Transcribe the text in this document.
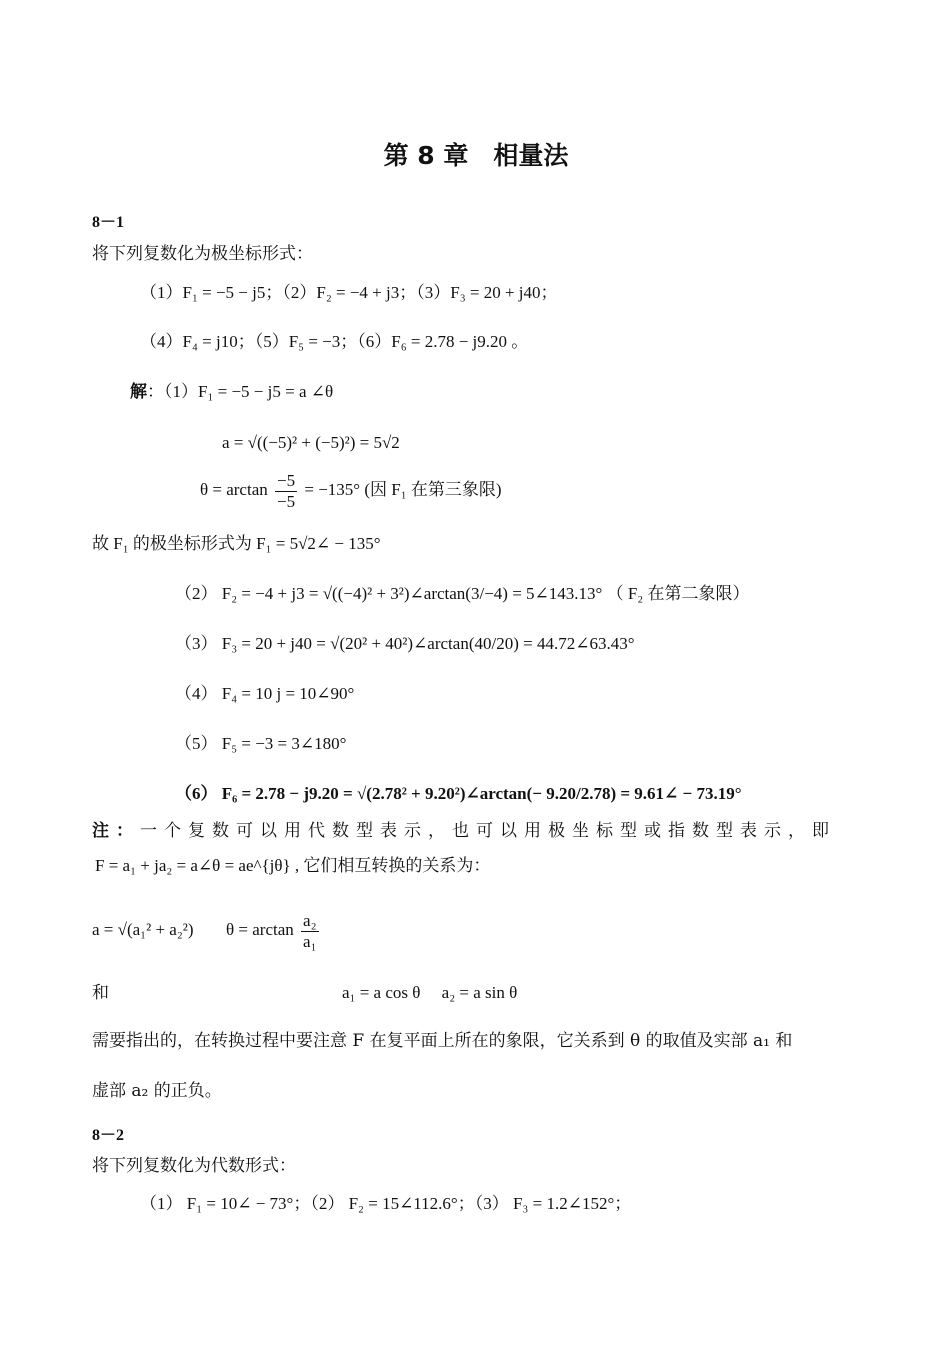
第 8 章　相量法
8－1
将下列复数化为极坐标形式：
（1）F₁ = −5 − j5；（2）F₂ = −4 + j3；（3）F₃ = 20 + j40；
（4）F₄ = j10；（5）F₅ = −3；（6）F₆ = 2.78 − j9.20 。
解：（1）F₁ = −5 − j5 = a ∠θ
a = √((−5)² + (−5)²) = 5√2
$\theta = \arctan \frac{-5}{-5} = -135^\circ$ (因 F₁ 在第三象限)
故 F₁ 的极坐标形式为 F₁ = 5√2∠ − 135°
（2） F₂ = −4 + j3 = √((−4)² + 3²)∠arctan(3/−4) = 5∠143.13° （ F₂ 在第二象限）
（3） F₃ = 20 + j40 = √(20² + 40²)∠arctan(40/20) = 44.72∠63.43°
（4） F₄ = 10 j = 10∠90°
（5） F₅ = −3 = 3∠180°
（6） F₆ = 2.78 − j9.20 = √(2.78² + 9.20²)∠arctan(− 9.20/2.78) = 9.61∠ − 73.19°
注：一个复数可以用代数型表示，也可以用极坐标型或指数型表示，即
F = a₁ + ja₂ = a∠θ = ae^{jθ} , 它们相互转换的关系为：
a = √(a₁² + a₂²) $\theta = \arctan \frac{\text{a₂}}{\text{a₁}}$
和	a₁ = a cos θ　 a₂ = a sin θ
需要指出的，在转换过程中要注意 F 在复平面上所在的象限，它关系到 θ 的取值及实部 a₁ 和
虚部 a₂ 的正负。
8－2
将下列复数化为代数形式：
（1） F₁ = 10∠ − 73°；（2） F₂ = 15∠112.6°；（3） F₃ = 1.2∠152°；
